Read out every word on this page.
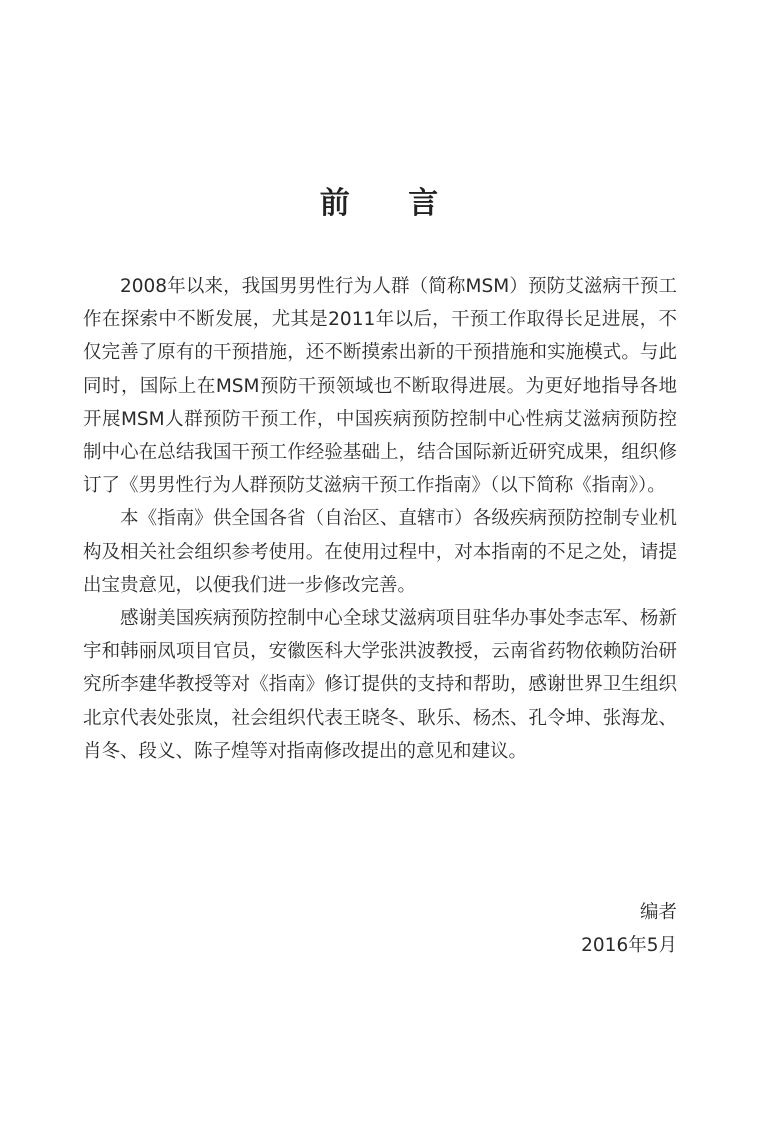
前 言

2008年以来，我国男男性行为人群（简称MSM）预防艾滋病干预工作在探索中不断发展，尤其是2011年以后，干预工作取得长足进展，不仅完善了原有的干预措施，还不断摸索出新的干预措施和实施模式。与此同时，国际上在MSM预防干预领域也不断取得进展。为更好地指导各地开展MSM人群预防干预工作，中国疾病预防控制中心性病艾滋病预防控制中心在总结我国干预工作经验基础上，结合国际新近研究成果，组织修订了《男男性行为人群预防艾滋病干预工作指南》（以下简称《指南》）。

本《指南》供全国各省（自治区、直辖市）各级疾病预防控制专业机构及相关社会组织参考使用。在使用过程中，对本指南的不足之处，请提出宝贵意见，以便我们进一步修改完善。

感谢美国疾病预防控制中心全球艾滋病项目驻华办事处李志军、杨新宇和韩丽凤项目官员，安徽医科大学张洪波教授，云南省药物依赖防治研究所李建华教授等对《指南》修订提供的支持和帮助，感谢世界卫生组织北京代表处张岚，社会组织代表王晓冬、耿乐、杨杰、孔令坤、张海龙、肖冬、段义、陈子煌等对指南修改提出的意见和建议。

编者
2016年5月
